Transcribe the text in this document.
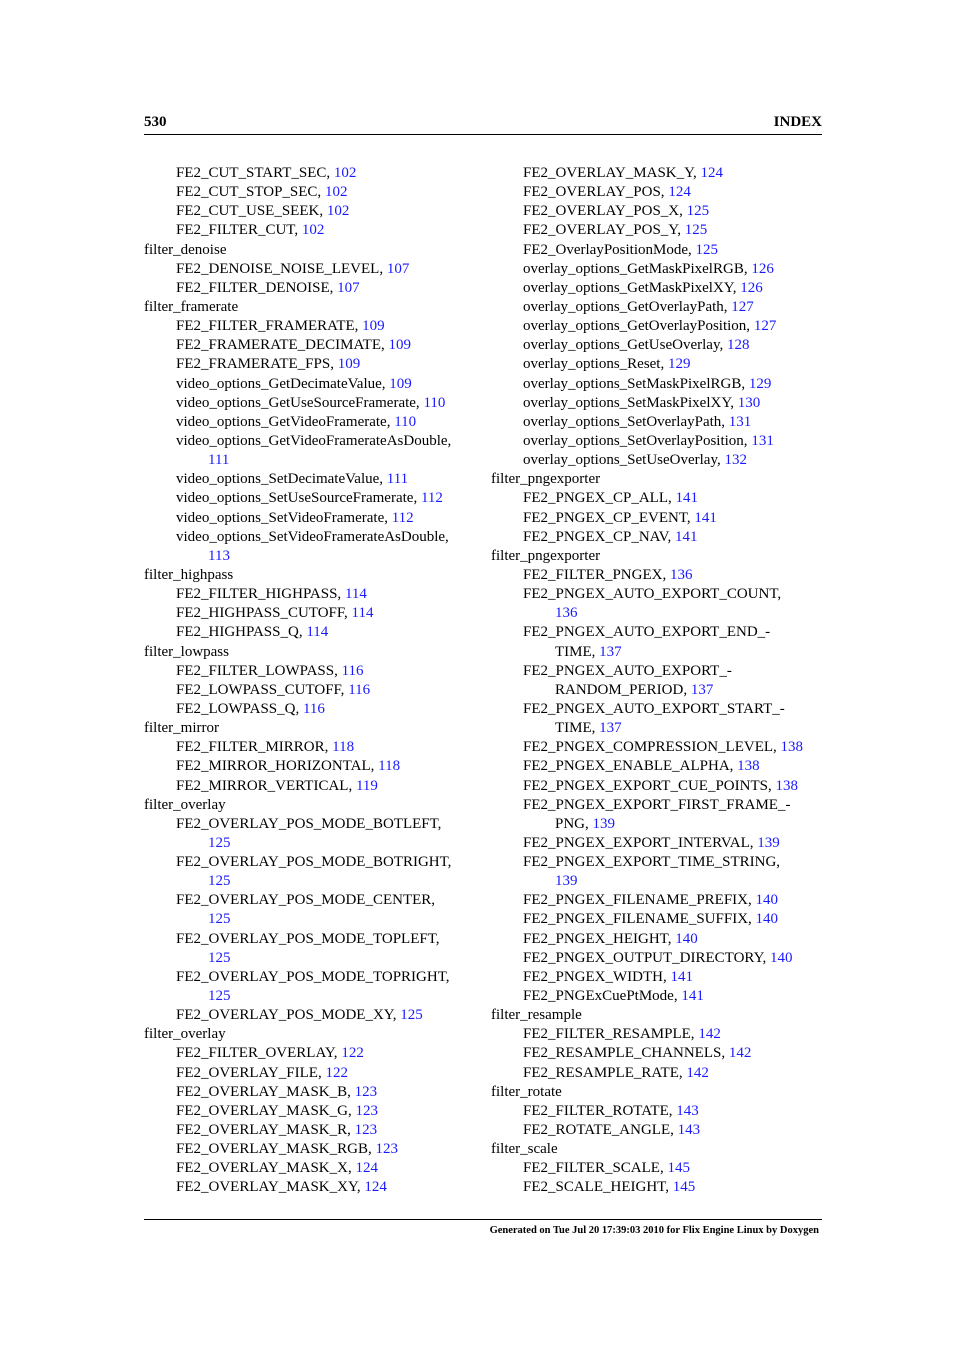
530	INDEX
FE2_CUT_START_SEC, 102
FE2_CUT_STOP_SEC, 102
FE2_CUT_USE_SEEK, 102
FE2_FILTER_CUT, 102
filter_denoise
FE2_DENOISE_NOISE_LEVEL, 107
FE2_FILTER_DENOISE, 107
filter_framerate
FE2_FILTER_FRAMERATE, 109
FE2_FRAMERATE_DECIMATE, 109
FE2_FRAMERATE_FPS, 109
video_options_GetDecimateValue, 109
video_options_GetUseSourceFramerate, 110
video_options_GetVideoFramerate, 110
video_options_GetVideoFramerateAsDouble,
111
video_options_SetDecimateValue, 111
video_options_SetUseSourceFramerate, 112
video_options_SetVideoFramerate, 112
video_options_SetVideoFramerateAsDouble,
113
filter_highpass
FE2_FILTER_HIGHPASS, 114
FE2_HIGHPASS_CUTOFF, 114
FE2_HIGHPASS_Q, 114
filter_lowpass
FE2_FILTER_LOWPASS, 116
FE2_LOWPASS_CUTOFF, 116
FE2_LOWPASS_Q, 116
filter_mirror
FE2_FILTER_MIRROR, 118
FE2_MIRROR_HORIZONTAL, 118
FE2_MIRROR_VERTICAL, 119
filter_overlay
FE2_OVERLAY_POS_MODE_BOTLEFT,
125
FE2_OVERLAY_POS_MODE_BOTRIGHT,
125
FE2_OVERLAY_POS_MODE_CENTER,
125
FE2_OVERLAY_POS_MODE_TOPLEFT,
125
FE2_OVERLAY_POS_MODE_TOPRIGHT,
125
FE2_OVERLAY_POS_MODE_XY, 125
filter_overlay
FE2_FILTER_OVERLAY, 122
FE2_OVERLAY_FILE, 122
FE2_OVERLAY_MASK_B, 123
FE2_OVERLAY_MASK_G, 123
FE2_OVERLAY_MASK_R, 123
FE2_OVERLAY_MASK_RGB, 123
FE2_OVERLAY_MASK_X, 124
FE2_OVERLAY_MASK_XY, 124
FE2_OVERLAY_MASK_Y, 124
FE2_OVERLAY_POS, 124
FE2_OVERLAY_POS_X, 125
FE2_OVERLAY_POS_Y, 125
FE2_OverlayPositionMode, 125
overlay_options_GetMaskPixelRGB, 126
overlay_options_GetMaskPixelXY, 126
overlay_options_GetOverlayPath, 127
overlay_options_GetOverlayPosition, 127
overlay_options_GetUseOverlay, 128
overlay_options_Reset, 129
overlay_options_SetMaskPixelRGB, 129
overlay_options_SetMaskPixelXY, 130
overlay_options_SetOverlayPath, 131
overlay_options_SetOverlayPosition, 131
overlay_options_SetUseOverlay, 132
filter_pngexporter
FE2_PNGEX_CP_ALL, 141
FE2_PNGEX_CP_EVENT, 141
FE2_PNGEX_CP_NAV, 141
filter_pngexporter
FE2_FILTER_PNGEX, 136
FE2_PNGEX_AUTO_EXPORT_COUNT,
136
FE2_PNGEX_AUTO_EXPORT_END_-
TIME, 137
FE2_PNGEX_AUTO_EXPORT_-
RANDOM_PERIOD, 137
FE2_PNGEX_AUTO_EXPORT_START_-
TIME, 137
FE2_PNGEX_COMPRESSION_LEVEL, 138
FE2_PNGEX_ENABLE_ALPHA, 138
FE2_PNGEX_EXPORT_CUE_POINTS, 138
FE2_PNGEX_EXPORT_FIRST_FRAME_-
PNG, 139
FE2_PNGEX_EXPORT_INTERVAL, 139
FE2_PNGEX_EXPORT_TIME_STRING,
139
FE2_PNGEX_FILENAME_PREFIX, 140
FE2_PNGEX_FILENAME_SUFFIX, 140
FE2_PNGEX_HEIGHT, 140
FE2_PNGEX_OUTPUT_DIRECTORY, 140
FE2_PNGEX_WIDTH, 141
FE2_PNGExCuePtMode, 141
filter_resample
FE2_FILTER_RESAMPLE, 142
FE2_RESAMPLE_CHANNELS, 142
FE2_RESAMPLE_RATE, 142
filter_rotate
FE2_FILTER_ROTATE, 143
FE2_ROTATE_ANGLE, 143
filter_scale
FE2_FILTER_SCALE, 145
FE2_SCALE_HEIGHT, 145
Generated on Tue Jul 20 17:39:03 2010 for Flix Engine Linux by Doxygen
